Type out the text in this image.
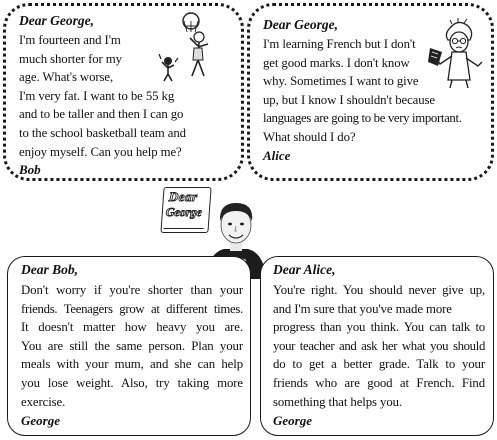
Dear George,
I'm fourteen and I'm
much shorter for my
age. What's worse,
I'm very fat. I want to be 55 kg
and to be taller and then I can go
to the school basketball team and
enjoy myself. Can you help me?
Bob
Dear George,
I'm learning French but I don't
get good marks. I don't know
why. Sometimes I want to give
up, but I know I shouldn't because
languages are going to be very important.
What should I do?
Alice
Dear
George
Dear Bob,
Don't worry if you're shorter than your
friends. Teenagers grow at different times.
It doesn't matter how heavy you are.
You are still the same person. Plan your
meals with your mum, and she can help
you lose weight. Also, try taking more
exercise.
George
Dear Alice,
You're right. You should never give up,
and I'm sure that you've made more
progress than you think. You can talk to
your teacher and ask her what you should
do to get a better grade. Talk to your
friends who are good at French. Find
something that helps you.
George
